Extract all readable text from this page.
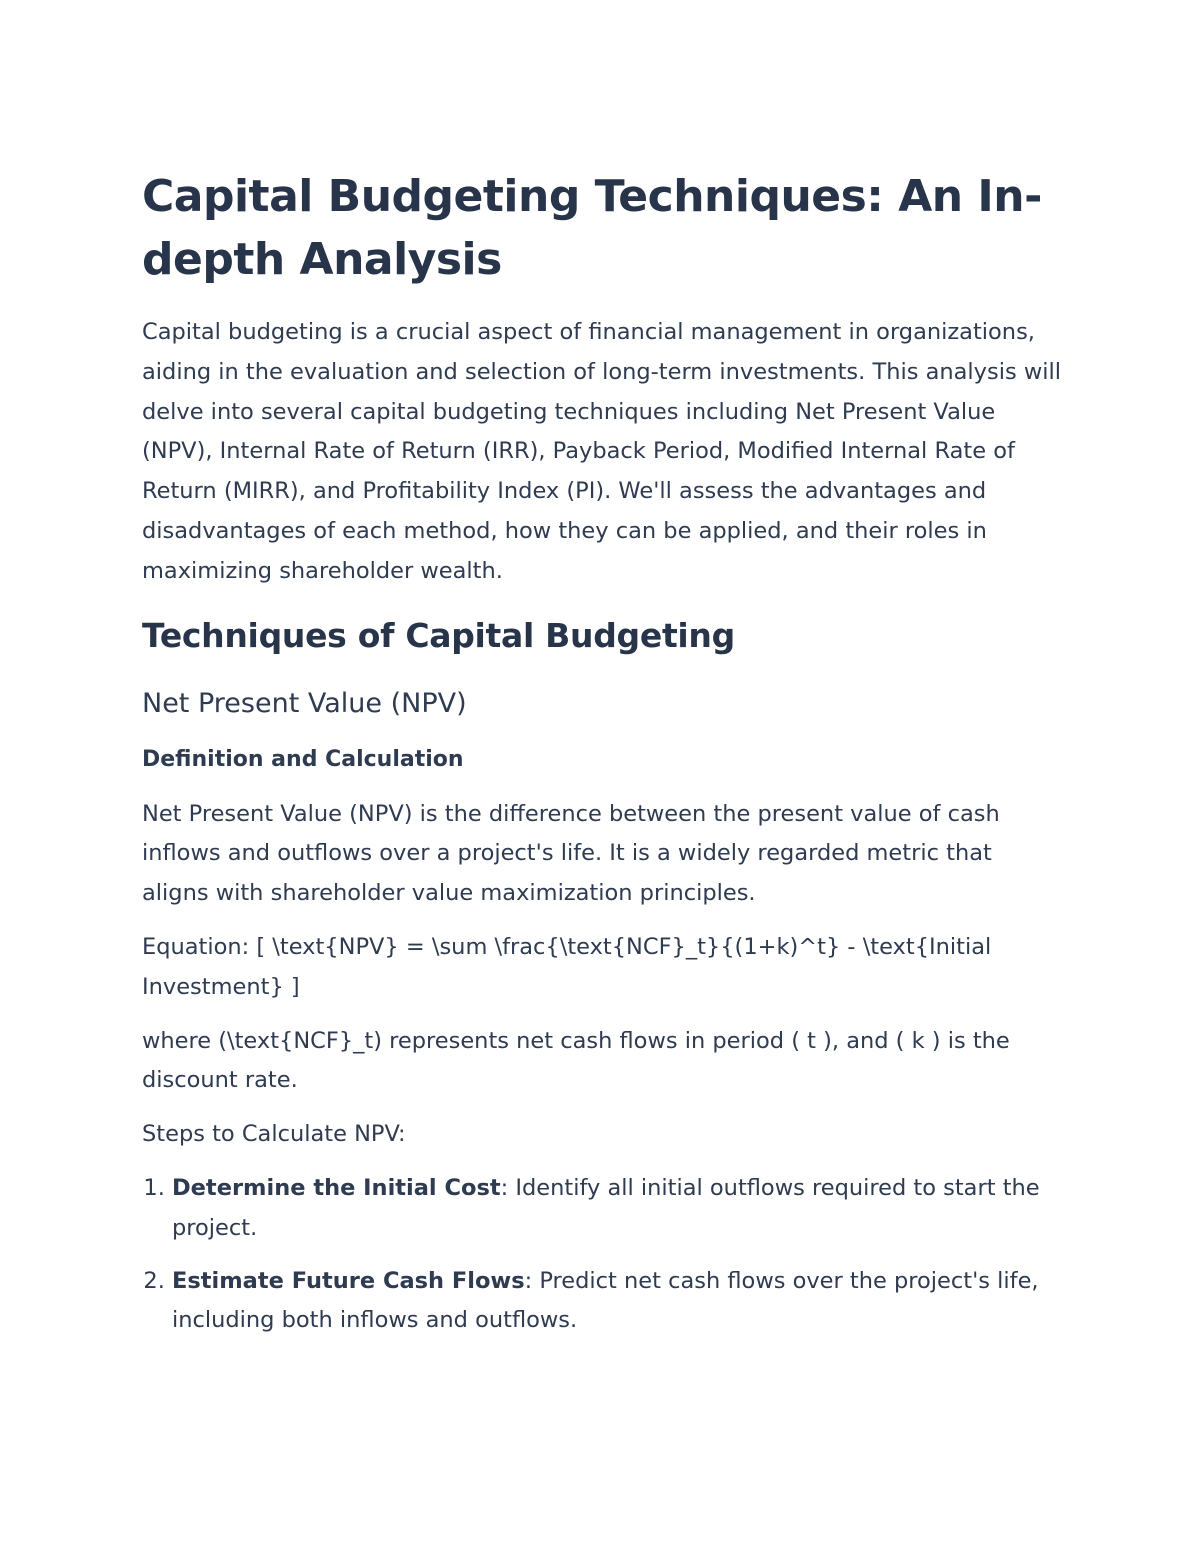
Capital Budgeting Techniques: An In-depth Analysis

Capital budgeting is a crucial aspect of financial management in organizations, aiding in the evaluation and selection of long-term investments. This analysis will delve into several capital budgeting techniques including Net Present Value (NPV), Internal Rate of Return (IRR), Payback Period, Modified Internal Rate of Return (MIRR), and Profitability Index (PI). We'll assess the advantages and disadvantages of each method, how they can be applied, and their roles in maximizing shareholder wealth.

Techniques of Capital Budgeting
Net Present Value (NPV)
Definition and Calculation

Net Present Value (NPV) is the difference between the present value of cash inflows and outflows over a project's life. It is a widely regarded metric that aligns with shareholder value maximization principles.

Equation: [ \text{NPV} = \sum \frac{\text{NCF}_t}{(1+k)^t} - \text{Initial Investment} ]

where (\text{NCF}_t) represents net cash flows in period ( t ), and ( k ) is the discount rate.

Steps to Calculate NPV:

1. Determine the Initial Cost: Identify all initial outflows required to start the project.
2. Estimate Future Cash Flows: Predict net cash flows over the project's life, including both inflows and outflows.
